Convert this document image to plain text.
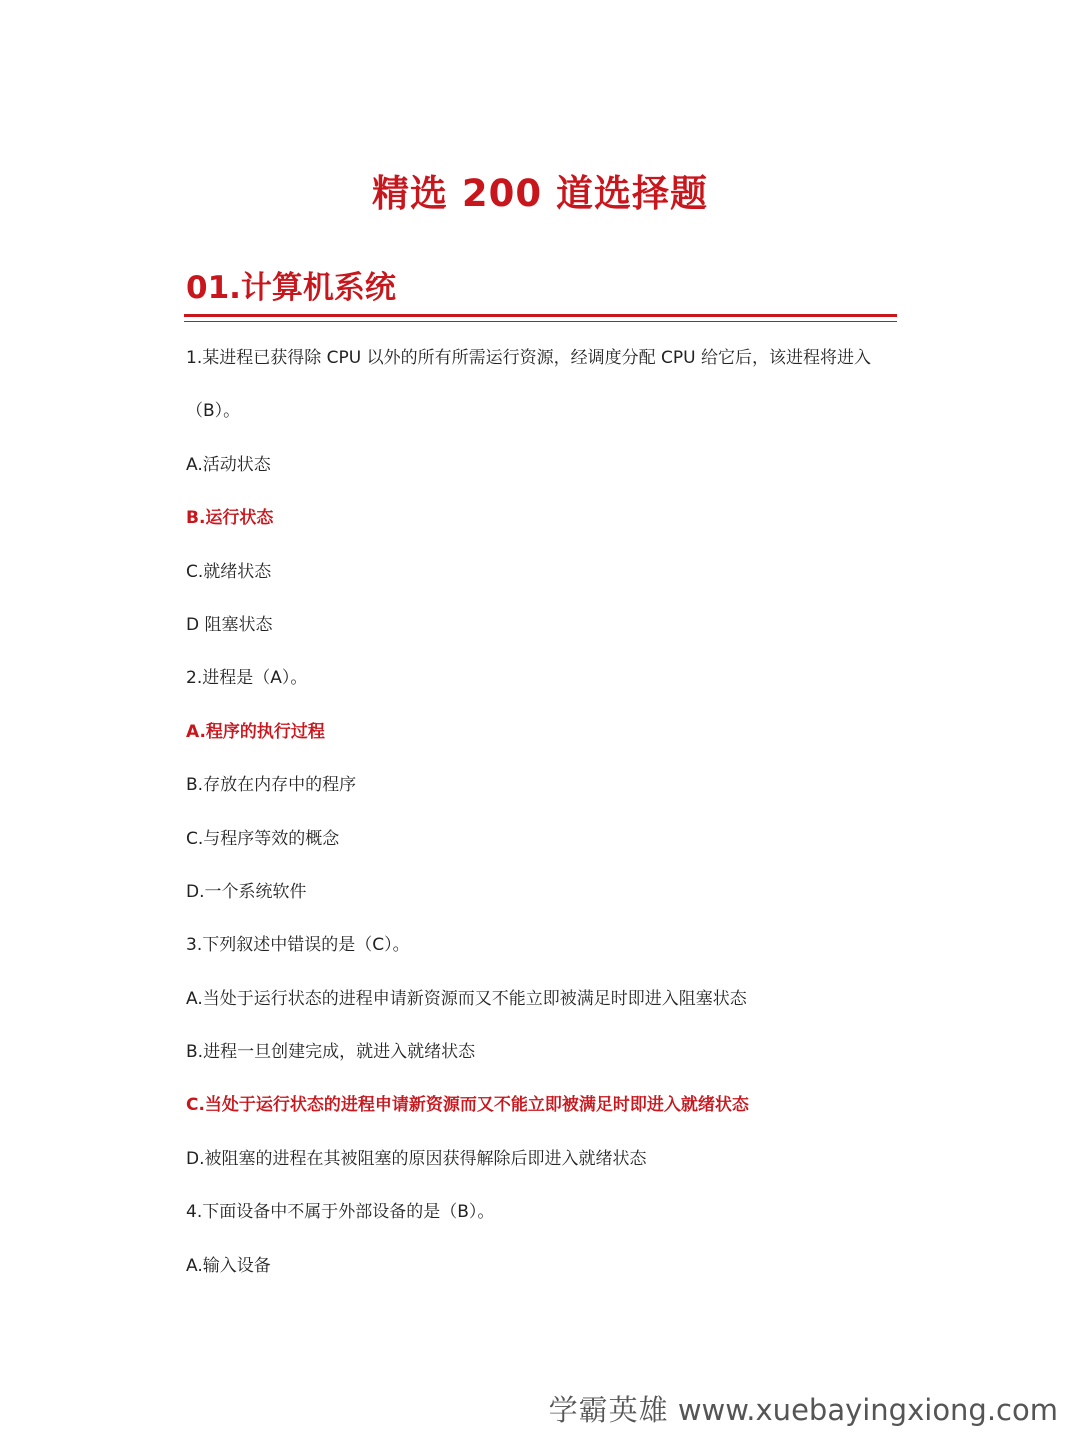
精选 200 道选择题
01.计算机系统
1.某进程已获得除 CPU 以外的所有所需运行资源，经调度分配 CPU 给它后，该进程将进入
（B）。
A.活动状态
B.运行状态
C.就绪状态
D 阻塞状态
2.进程是（A）。
A.程序的执行过程
B.存放在内存中的程序
C.与程序等效的概念
D.一个系统软件
3.下列叙述中错误的是（C）。
A.当处于运行状态的进程申请新资源而又不能立即被满足时即进入阻塞状态
B.进程一旦创建完成，就进入就绪状态
C.当处于运行状态的进程申请新资源而又不能立即被满足时即进入就绪状态
D.被阻塞的进程在其被阻塞的原因获得解除后即进入就绪状态
4.下面设备中不属于外部设备的是（B）。
A.输入设备
学霸英雄 www.xuebayingxiong.com
